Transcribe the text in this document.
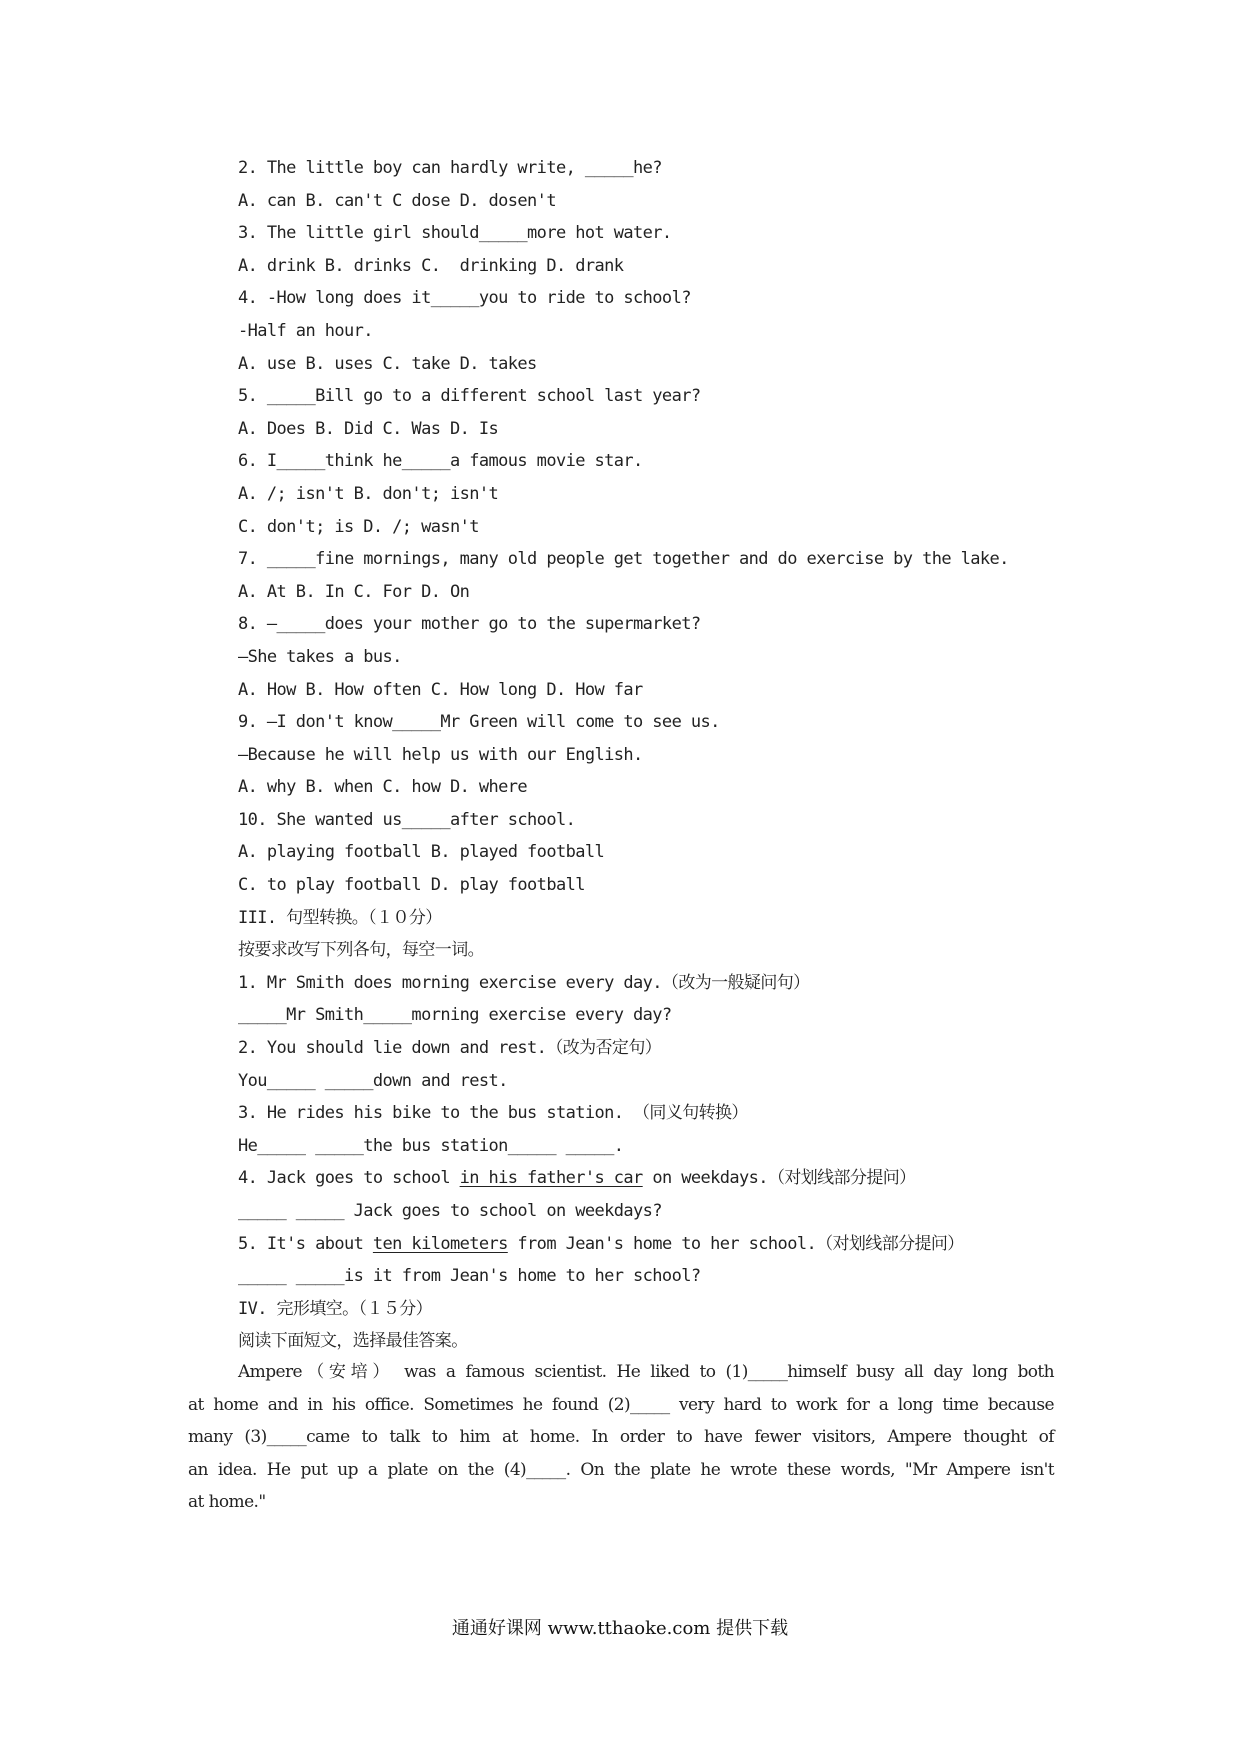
2. The little boy can hardly write, _____he?
A. can B. can't C dose D. dosen't
3. The little girl should_____more hot water.
A. drink B. drinks C.  drinking D. drank
4. -How long does it_____you to ride to school?
-Half an hour.
A. use B. uses C. take D. takes
5. _____Bill go to a different school last year?
A. Does B. Did C. Was D. Is
6. I_____think he_____a famous movie star.
A. /; isn't B. don't; isn't
C. don't; is D. /; wasn't
7. _____fine mornings, many old people get together and do exercise by the lake.
A. At B. In C. For D. On
8. —_____does your mother go to the supermarket?
—She takes a bus.
A. How B. How often C. How long D. How far
9. —I don't know_____Mr Green will come to see us.
—Because he will help us with our English.
A. why B. when C. how D. where
10. She wanted us_____after school.
A. playing football B. played football
C. to play football D. play football
III. 句型转换。（１０分）
按要求改写下列各句，每空一词。
1. Mr Smith does morning exercise every day.（改为一般疑问句）
_____Mr Smith_____morning exercise every day?
2. You should lie down and rest.（改为否定句）
You_____ _____down and rest.
3. He rides his bike to the bus station. （同义句转换）
He_____ _____the bus station_____ _____.
4. Jack goes to school in his father's car on weekdays.（对划线部分提问）
_____ _____ Jack goes to school on weekdays?
5. It's about ten kilometers from Jean's home to her school.（对划线部分提问）
_____ _____is it from Jean's home to her school?
IV. 完形填空。（１５分）
阅读下面短文，选择最佳答案。
Ampere（安培） was a famous scientist. He liked to (1)_____himself busy all day long both
at home and in his office. Sometimes he found (2)_____ very hard to work for a long time because
many (3)_____came to talk to him at home. In order to have fewer visitors, Ampere thought of
an idea. He put up a plate on the (4)_____. On the plate he wrote these words, "Mr Ampere isn't
at home."
通通好课网 www.tthaoke.com 提供下载
